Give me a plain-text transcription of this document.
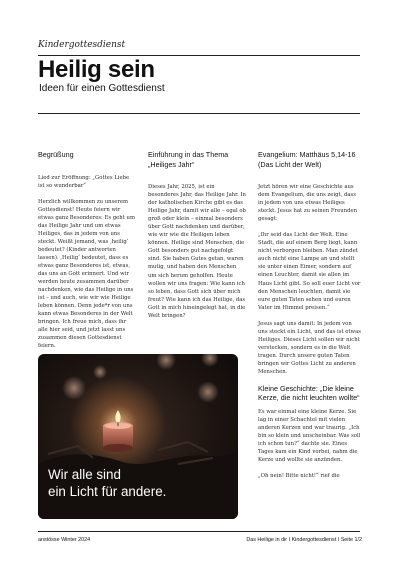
Kindergottesdienst
Heilig sein
Ideen für einen Gottesdienst
Begrüßung

Lied zur Eröffnung: „Gottes Liebe ist so wunderbar“

Herzlich willkommen zu unserem Gottesdienst! Heute feiern wir etwas ganz Besonderes: Es geht um das Heilige Jahr und um etwas Heiliges, das in jedem von uns steckt. Weißt jemand, was ‚heilig‘ bedeutet? (Kinder antworten lassen). ‚Heilig‘ bedeutet, dass es etwas ganz Besonderes ist, etwas, das uns an Gott erinnert. Und wir werden heute zusammen darüber nachdenken, wie das Heilige in uns ist – und auch, wie wir wie Heilige leben können. Denn jede*r von uns kann etwas Besonderes in der Welt bringen. Ich freue mich, dass ihr alle hier seid, und jetzt lasst uns zusammen diesen Gottesdienst feiern.

Einführung in das Thema „Heiliges Jahr“

Dieses Jahr, 2025, ist ein besonderes Jahr, das Heilige Jahr. In der katholischen Kirche gibt es das Heilige Jahr, damit wir alle – egal ob groß oder klein – einmal besonders über Gott nachdenken und darüber, wie wir wie die Heiligen leben können. Heilige sind Menschen, die Gott besonders gut nachgefolgt sind. Sie haben Gutes getan, waren mutig, und haben den Menschen um sich herum geholfen. Heute wollen wir uns fragen: Wie kann ich so leben, dass Gott sich über mich freut? Wie kann ich das Heilige, das Gott in mich hineingelegt hat, in die Welt bringen?

Evangelium: Matthäus 5,14-16 (Das Licht der Welt)

Jetzt hören wir eine Geschichte aus dem Evangelium, die uns zeigt, dass in jedem von uns etwas Heiliges steckt. Jesus hat zu seinen Freunden gesagt:

„Ihr seid das Licht der Welt. Eine Stadt, die auf einem Berg liegt, kann nicht verborgen bleiben. Man zündet auch nicht eine Lampe an und stellt sie unter einen Eimer, sondern auf einen Leuchter, damit sie allen im Haus Licht gibt. So soll euer Licht vor den Menschen leuchten, damit sie eure guten Taten sehen und euren Vater im Himmel preisen.“

Jesus sagt uns damit: In jedem von uns steckt ein Licht, und das ist etwas Heiliges. Dieses Licht sollen wir nicht verstecken, sondern es in die Welt tragen. Durch unsere guten Taten bringen wir Gottes Licht zu anderen Menschen.

Kleine Geschichte: „Die kleine Kerze, die nicht leuchten wollte“

Es war einmal eine kleine Kerze. Sie lag in einer Schachtel mit vielen anderen Kerzen und war traurig. „Ich bin so klein und unscheinbar. Was soll ich schon tun?“ dachte sie. Eines Tages kam ein Kind vorbei, nahm die Kerze und wollte sie anzünden.

„Oh nein! Bitte nicht!“ rief die

Wir alle sind
ein Licht für andere.
anstösse Winter 2024	Das Heilige in dir I Kindergottesdienst I Seite 1/2
